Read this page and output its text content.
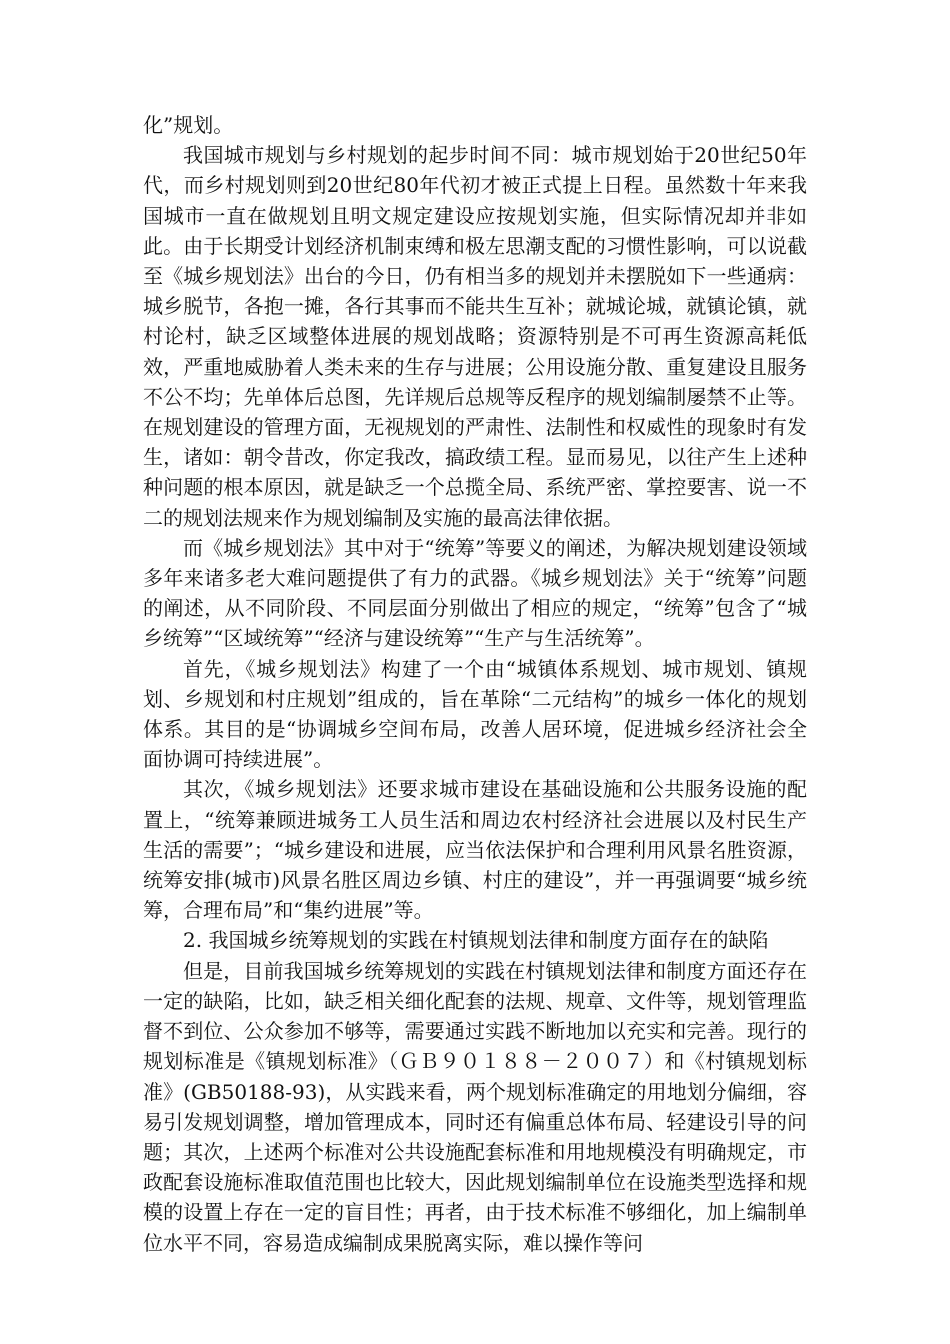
化”规划。

我国城市规划与乡村规划的起步时间不同：城市规划始于20世纪50年代，而乡村规划则到20世纪80年代初才被正式提上日程。虽然数十年来我国城市一直在做规划且明文规定建设应按规划实施，但实际情况却并非如此。由于长期受计划经济机制束缚和极左思潮支配的习惯性影响，可以说截至《城乡规划法》出台的今日，仍有相当多的规划并未摆脱如下一些通病：城乡脱节，各抱一摊，各行其事而不能共生互补；就城论城，就镇论镇，就村论村，缺乏区域整体进展的规划战略；资源特别是不可再生资源高耗低效，严重地威胁着人类未来的生存与进展；公用设施分散、重复建设且服务不公不均；先单体后总图，先详规后总规等反程序的规划编制屡禁不止等。在规划建设的管理方面，无视规划的严肃性、法制性和权威性的现象时有发生，诸如：朝令昔改，你定我改，搞政绩工程。显而易见，以往产生上述种种问题的根本原因，就是缺乏一个总揽全局、系统严密、掌控要害、说一不二的规划法规来作为规划编制及实施的最高法律依据。

而《城乡规划法》其中对于“统筹”等要义的阐述，为解决规划建设领域多年来诸多老大难问题提供了有力的武器。《城乡规划法》关于“统筹”问题的阐述，从不同阶段、不同层面分别做出了相应的规定，“统筹”包含了“城乡统筹”“区域统筹”“经济与建设统筹”“生产与生活统筹”。

首先，《城乡规划法》构建了一个由“城镇体系规划、城市规划、镇规划、乡规划和村庄规划”组成的，旨在革除“二元结构”的城乡一体化的规划体系。其目的是“协调城乡空间布局，改善人居环境，促进城乡经济社会全面协调可持续进展”。

其次，《城乡规划法》还要求城市建设在基础设施和公共服务设施的配置上，“统筹兼顾进城务工人员生活和周边农村经济社会进展以及村民生产生活的需要”；“城乡建设和进展，应当依法保护和合理利用风景名胜资源，统筹安排(城市)风景名胜区周边乡镇、村庄的建设”，并一再强调要“城乡统筹，合理布局”和“集约进展”等。

2. 我国城乡统筹规划的实践在村镇规划法律和制度方面存在的缺陷

但是，目前我国城乡统筹规划的实践在村镇规划法律和制度方面还存在一定的缺陷，比如，缺乏相关细化配套的法规、规章、文件等，规划管理监督不到位、公众参加不够等，需要通过实践不断地加以充实和完善。现行的规划标准是《镇规划标准》（ＧＢ９０１８８－２００７）和《村镇规划标准》(GB50188-93)，从实践来看，两个规划标准确定的用地划分偏细，容易引发规划调整，增加管理成本，同时还有偏重总体布局、轻建设引导的问题；其次，上述两个标准对公共设施配套标准和用地规模没有明确规定，市政配套设施标准取值范围也比较大，因此规划编制单位在设施类型选择和规模的设置上存在一定的盲目性；再者，由于技术标准不够细化，加上编制单位水平不同，容易造成编制成果脱离实际，难以操作等问
